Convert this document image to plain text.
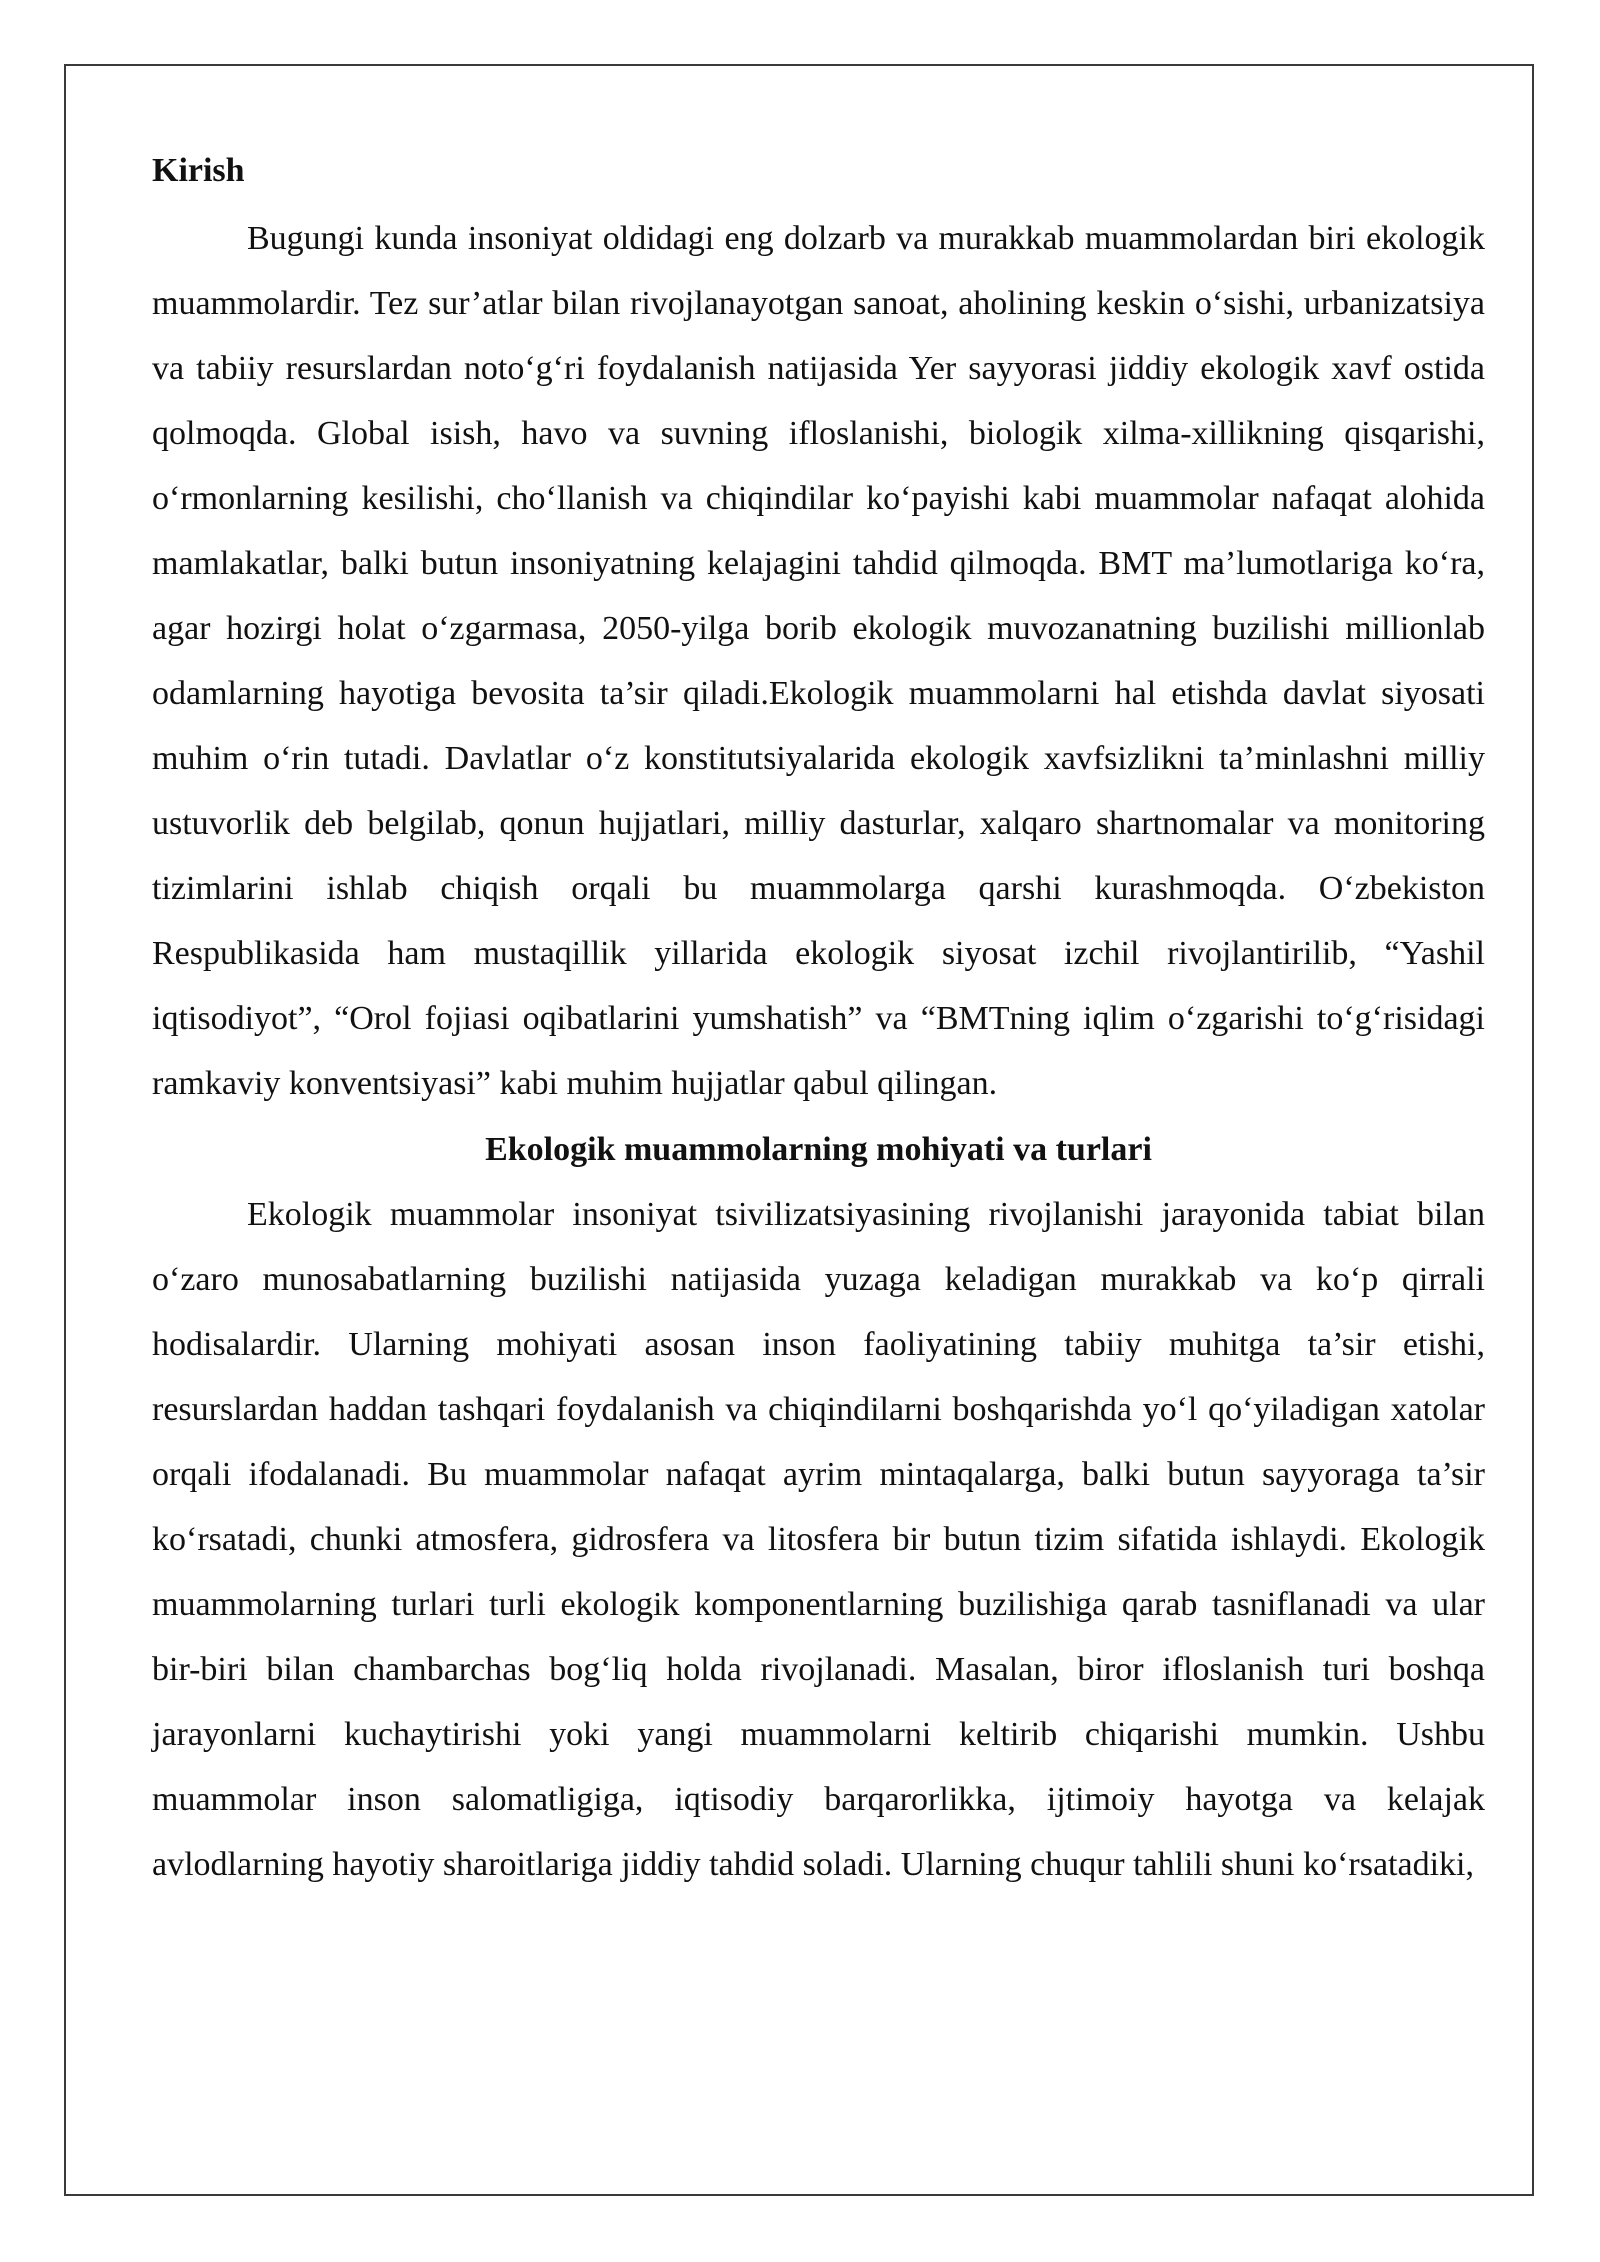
Kirish

Bugungi kunda insoniyat oldidagi eng dolzarb va murakkab muammolardan biri ekologik muammolardir. Tez sur’atlar bilan rivojlanayotgan sanoat, aholining keskin o‘sishi, urbanizatsiya va tabiiy resurslardan noto‘g‘ri foydalanish natijasida Yer sayyorasi jiddiy ekologik xavf ostida qolmoqda. Global isish, havo va suvning ifloslanishi, biologik xilma-xillikning qisqarishi, o‘rmonlarning kesilishi, cho‘llanish va chiqindilar ko‘payishi kabi muammolar nafaqat alohida mamlakatlar, balki butun insoniyatning kelajagini tahdid qilmoqda. BMT ma’lumotlariga ko‘ra, agar hozirgi holat o‘zgarmasa, 2050-yilga borib ekologik muvozanatning buzilishi millionlab odamlarning hayotiga bevosita ta’sir qiladi.Ekologik muammolarni hal etishda davlat siyosati muhim o‘rin tutadi. Davlatlar o‘z konstitutsiyalarida ekologik xavfsizlikni ta’minlashni milliy ustuvorlik deb belgilab, qonun hujjatlari, milliy dasturlar, xalqaro shartnomalar va monitoring tizimlarini ishlab chiqish orqali bu muammolarga qarshi kurashmoqda. O‘zbekiston Respublikasida ham mustaqillik yillarida ekologik siyosat izchil rivojlantirilib, “Yashil iqtisodiyot”, “Orol fojiasi oqibatlarini yumshatish” va “BMTning iqlim o‘zgarishi to‘g‘risidagi ramkaviy konventsiyasi” kabi muhim hujjatlar qabul qilingan.

Ekologik muammolarning mohiyati va turlari

Ekologik muammolar insoniyat tsivilizatsiyasining rivojlanishi jarayonida tabiat bilan o‘zaro munosabatlarning buzilishi natijasida yuzaga keladigan murakkab va ko‘p qirrali hodisalardir. Ularning mohiyati asosan inson faoliyatining tabiiy muhitga ta’sir etishi, resurslardan haddan tashqari foydalanish va chiqindilarni boshqarishda yo‘l qo‘yiladigan xatolar orqali ifodalanadi. Bu muammolar nafaqat ayrim mintaqalarga, balki butun sayyoraga ta’sir ko‘rsatadi, chunki atmosfera, gidrosfera va litosfera bir butun tizim sifatida ishlaydi. Ekologik muammolarning turlari turli ekologik komponentlarning buzilishiga qarab tasniflanadi va ular bir-biri bilan chambarchas bog‘liq holda rivojlanadi. Masalan, biror ifloslanish turi boshqa jarayonlarni kuchaytirishi yoki yangi muammolarni keltirib chiqarishi mumkin. Ushbu muammolar inson salomatligiga, iqtisodiy barqarorlikka, ijtimoiy hayotga va kelajak avlodlarning hayotiy sharoitlariga jiddiy tahdid soladi. Ularning chuqur tahlili shuni ko‘rsatadiki,
